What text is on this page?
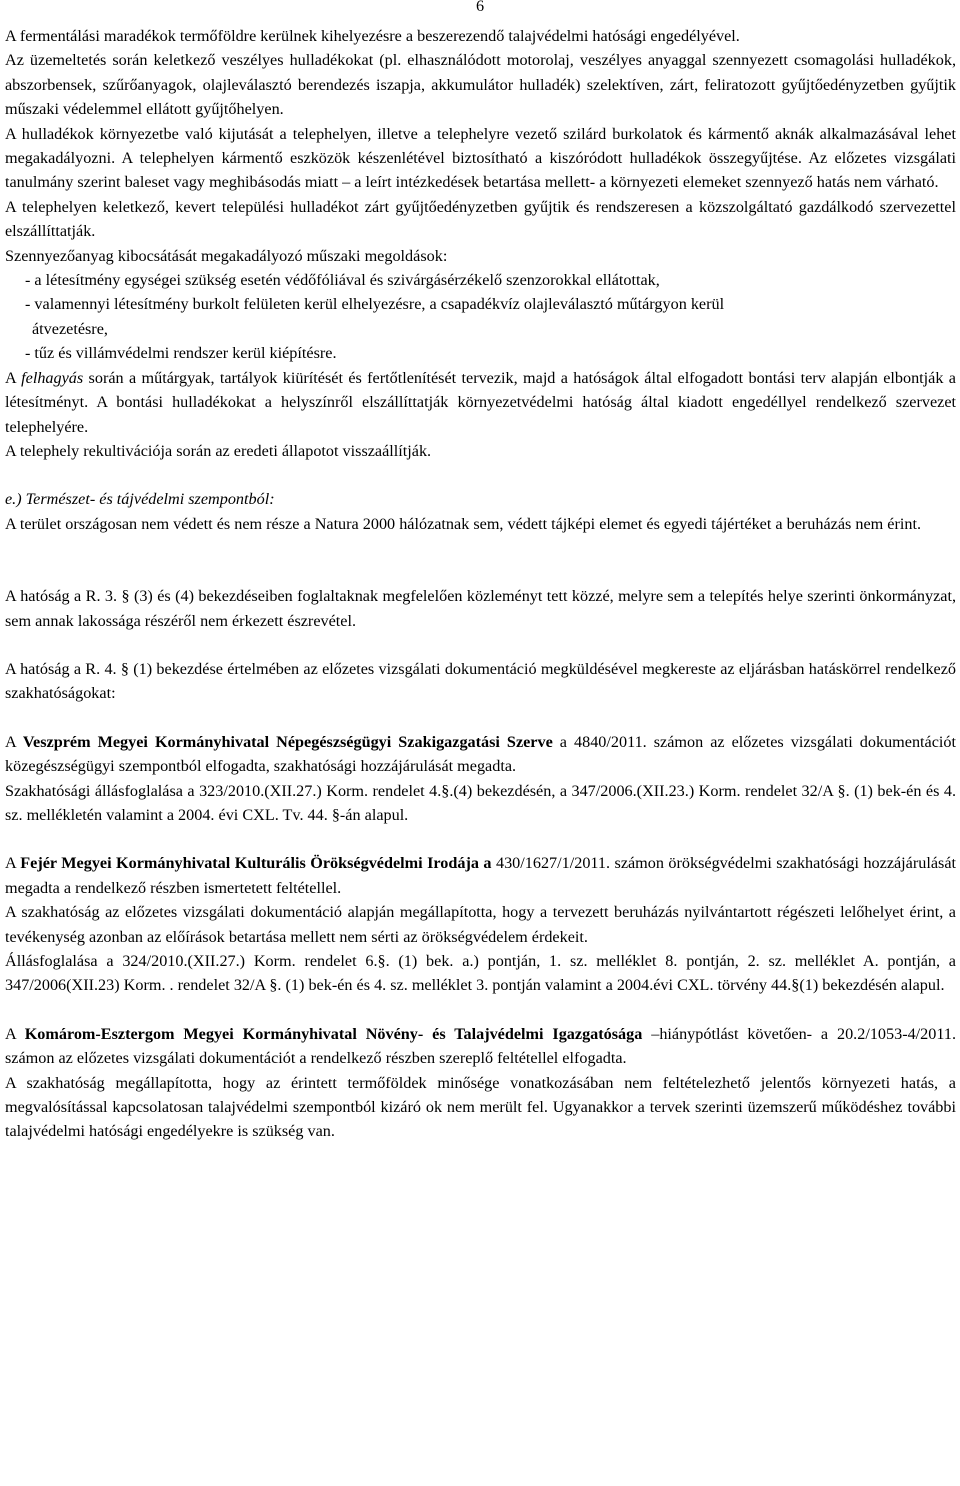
6

A fermentálási maradékok termőföldre kerülnek kihelyezésre a beszerezendő talajvédelmi hatósági engedélyével.

Az üzemeltetés során keletkező veszélyes hulladékokat (pl. elhasználódott motorolaj, veszélyes anyaggal szennyezett csomagolási hulladékok, abszorbensek, szűrőanyagok, olajleválasztó berendezés iszapja, akkumulátor hulladék) szelektíven, zárt, feliratozott gyűjtőedényzetben gyűjtik műszaki védelemmel ellátott gyűjtőhelyen.

A hulladékok környezetbe való kijutását a telephelyen, illetve a telephelyre vezető szilárd burkolatok és kármentő aknák alkalmazásával lehet megakadályozni. A telephelyen kármentő eszközök készenlétével biztosítható a kiszóródott hulladékok összegyűjtése. Az előzetes vizsgálati tanulmány szerint baleset vagy meghibásodás miatt – a leírt intézkedések betartása mellett- a környezeti elemeket szennyező hatás nem várható.

A telephelyen keletkező, kevert települési hulladékot zárt gyűjtőedényzetben gyűjtik és rendszeresen a közszolgáltató gazdálkodó szervezettel elszállíttatják.

Szennyezőanyag kibocsátását megakadályozó műszaki megoldások:

- a létesítmény egységei szükség esetén védőfóliával és szivárgásérzékelő szenzorokkal ellátottak,

- valamennyi létesítmény burkolt felületen kerül elhelyezésre, a csapadékvíz olajleválasztó műtárgyon kerül

átvezetésre,

- tűz és villámvédelmi rendszer kerül kiépítésre.

A felhagyás során a műtárgyak, tartályok kiürítését és fertőtlenítését tervezik, majd a hatóságok által elfogadott bontási terv alapján elbontják a létesítményt. A bontási hulladékokat a helyszínről elszállíttatják környezetvédelmi hatóság által kiadott engedéllyel rendelkező szervezet telephelyére.

A telephely rekultivációja során az eredeti állapotot visszaállítják.

e.) Természet- és tájvédelmi szempontból:

A terület országosan nem védett és nem része a Natura 2000 hálózatnak sem, védett tájképi elemet és egyedi tájértéket a beruházás nem érint.

A hatóság a R. 3. § (3) és (4) bekezdéseiben foglaltaknak megfelelően közleményt tett közzé, melyre sem a telepítés helye szerinti önkormányzat, sem annak lakossága részéről nem érkezett észrevétel.

A hatóság a R. 4. § (1) bekezdése értelmében az előzetes vizsgálati dokumentáció megküldésével megkereste az eljárásban hatáskörrel rendelkező szakhatóságokat:

A Veszprém Megyei Kormányhivatal Népegészségügyi Szakigazgatási Szerve a 4840/2011. számon az előzetes vizsgálati dokumentációt közegészségügyi szempontból elfogadta, szakhatósági hozzájárulását megadta.

Szakhatósági állásfoglalása a 323/2010.(XII.27.) Korm. rendelet 4.§.(4) bekezdésén, a 347/2006.(XII.23.) Korm. rendelet 32/A §. (1) bek-én és 4. sz. mellékletén valamint a 2004. évi CXL. Tv. 44. §-án alapul.

A Fejér Megyei Kormányhivatal Kulturális Örökségvédelmi Irodája a 430/1627/1/2011. számon örökségvédelmi szakhatósági hozzájárulását megadta a rendelkező részben ismertetett feltétellel.

A szakhatóság az előzetes vizsgálati dokumentáció alapján megállapította, hogy a tervezett beruházás nyilvántartott régészeti lelőhelyet érint, a tevékenység azonban az előírások betartása mellett nem sérti az örökségvédelem érdekeit.

Állásfoglalása a 324/2010.(XII.27.) Korm. rendelet 6.§. (1) bek. a.) pontján, 1. sz. melléklet 8. pontján, 2. sz. melléklet A. pontján, a 347/2006(XII.23) Korm. . rendelet 32/A §. (1) bek-én és 4. sz. melléklet 3. pontján valamint a 2004.évi CXL. törvény 44.§(1) bekezdésén alapul.

A Komárom-Esztergom Megyei Kormányhivatal Növény- és Talajvédelmi Igazgatósága –hiánypótlást követően- a 20.2/1053-4/2011. számon az előzetes vizsgálati dokumentációt a rendelkező részben szereplő feltétellel elfogadta.

A szakhatóság megállapította, hogy az érintett termőföldek minősége vonatkozásában nem feltételezhető jelentős környezeti hatás, a megvalósítással kapcsolatosan talajvédelmi szempontból kizáró ok nem merült fel. Ugyanakkor a tervek szerinti üzemszerű működéshez további talajvédelmi hatósági engedélyekre is szükség van.
